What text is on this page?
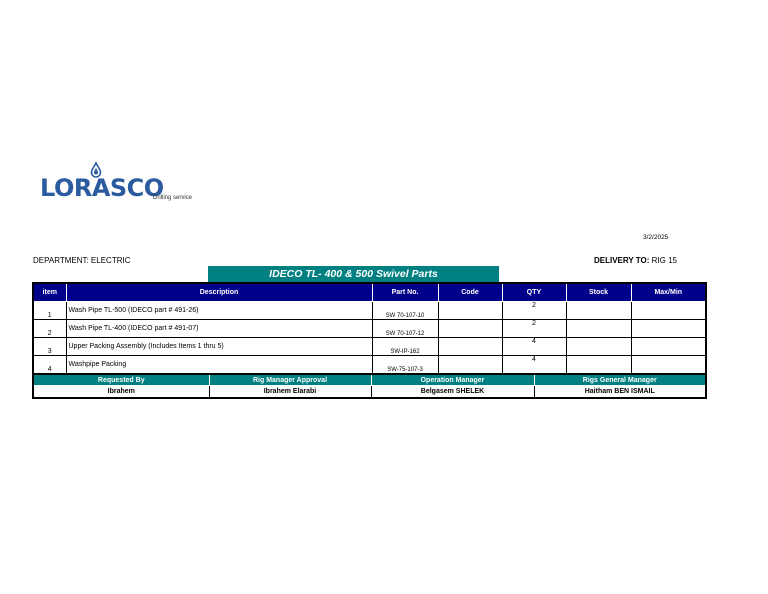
LORASCO
Drilling service
3/2/2025
DEPARTMENT: ELECTRIC	DELIVERY TO: RIG 15
IDECO TL- 400 & 500 Swivel Parts
item	Description	Part No.	Code	QTY	Stock	Max/Min
1	Wash Pipe TL-500 (IDECO part # 491-26)	SW 70-107-10		2		
2	Wash Pipe TL-400 (IDECO part # 491-07)	SW 70-107-12		2		
3	Upper Packing Assembly (Includes Items 1 thru 5)	SW-IP-162		4		
4	Washpipe Packing	SW-75-107-3		4		
Requested By	Rig Manager Approval	Operation Manager	Rigs General Manager
Ibrahem	Ibrahem Elarabi	Belgasem SHELEK	Haitham BEN ISMAIL
